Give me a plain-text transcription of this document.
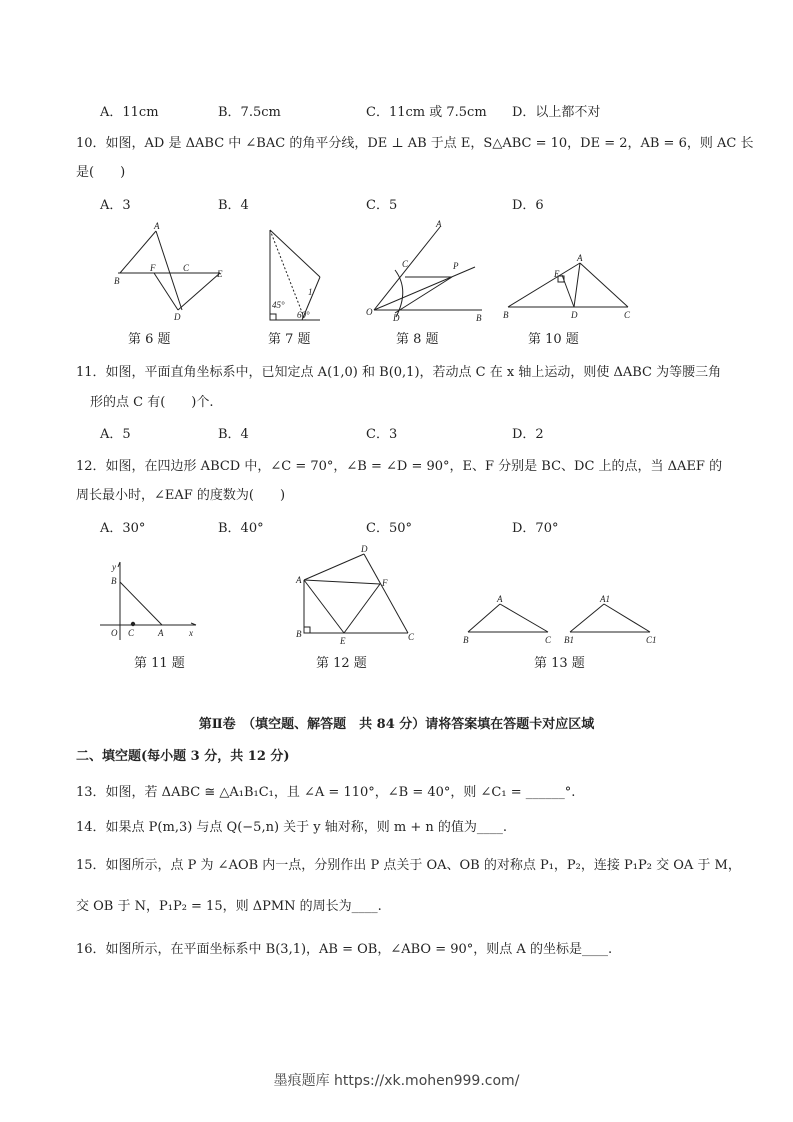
A．11cm	B．7.5cm	C．11cm 或 7.5cm D．以上都不对
10．如图，AD 是 ΔABC 中 ∠BAC 的角平分线，DE ⊥ AB 于点 E，S△ABC = 10，DE = 2，AB = 6，则 AC 长
是(　　)
A．3	B．4	C．5	D．6
A
F	C
E
B
D
45°
1
60°
A
C	P
O
D	B
A
E
B	D	C
第 6 题	第 7 题	第 8 题	第 10 题
11．如图，平面直角坐标系中，已知定点 A(1,0) 和 B(0,1)，若动点 C 在 x 轴上运动，则使 ΔABC 为等腰三角
形的点 C 有(　　)个.
A．5	B．4	C．3	D．2
12．如图，在四边形 ABCD 中，∠C = 70°，∠B = ∠D = 90°，E、F 分别是 BC、DC 上的点，当 ΔAEF 的
周长最小时，∠EAF 的度数为(　　)
A．30°	B．40°	C．50°	D．70°
y
B
O C	A	x
D
A	F
B
E	C
A
B	C
A1
B1	C1
第 11 题	第 12 题	第 13 题
第Ⅱ卷　（填空题、解答题　共 84 分）请将答案填在答题卡对应区域
二、填空题(每小题 3 分，共 12 分)
13．如图，若 ΔABC ≅ △A₁B₁C₁，且 ∠A = 110°，∠B = 40°，则 ∠C₁ = ______°.
14．如果点 P(m,3) 与点 Q(−5,n) 关于 y 轴对称，则 m + n 的值为____.
15．如图所示，点 P 为 ∠AOB 内一点，分别作出 P 点关于 OA、OB 的对称点 P₁，P₂，连接 P₁P₂ 交 OA 于 M，
交 OB 于 N，P₁P₂ = 15，则 ΔPMN 的周长为____.
16．如图所示，在平面坐标系中 B(3,1)，AB = OB，∠ABO = 90°，则点 A 的坐标是____.
墨痕题库 https://xk.mohen999.com/
